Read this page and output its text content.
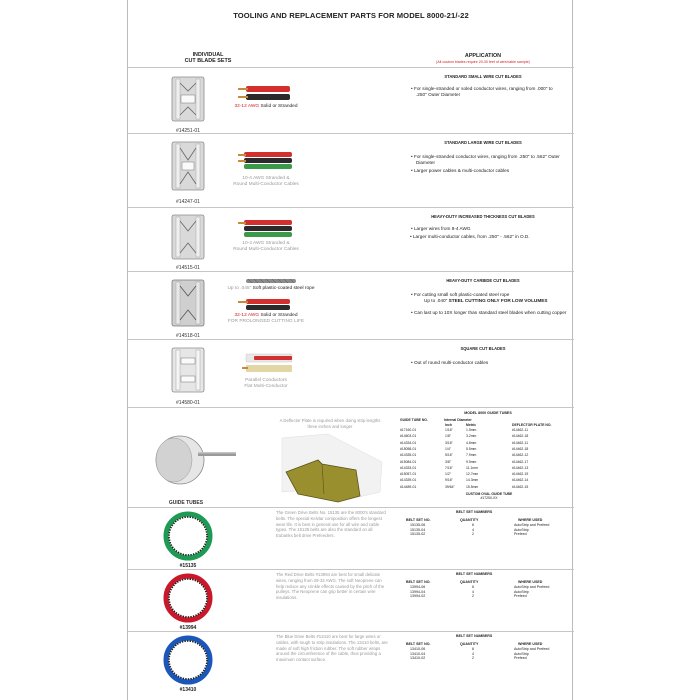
TOOLING AND REPLACEMENT PARTS FOR MODEL 8000-21/-22
INDIVIDUAL
CUT BLADE SETS
APPLICATION
(All custom blades require 20-30 feet of wire/cable sample)
#14251-01
32-12 AWG Solid or Stranded
STANDARD SMALL WIRE CUT BLADES
• For single-stranded or soled conductor wires, ranging from .000" to .250" Outer Diameter
#14247-01
10-4 AWG Stranded &
Round Multi-Conductor Cables
STANDARD LARGE WIRE CUT BLADES
• For single-stranded conductor wires, ranging from .250" to .562" Outer Diameter
• Larger power cables & multi-conductor cables
#14515-01
10-4 AWG Stranded &
Round Multi-Conductor Cables
HEAVY-DUTY INCREASED THICKNESS CUT BLADES
• Larger wires from 8-4 AWG
• Larger multi-conductor cables, from .250" - .562" in O.D.
#14518-01
Up to .045" Soft plastic-coated steel rope
32-12 AWG Solid or Stranded
FOR PROLONGED CUTTING LIFE
HEAVY-DUTY CARBIDE CUT BLADES
• For cutting small soft plastic-coated steel rope
Up to .040" STEEL CUTTING ONLY FOR LOW VOLUMES
• Can last up to 10X longer than standard steel blades when cutting copper
#14580-01
Parallel Conductors
Flat Multi-Conductor
SQUARE CUT BLADES
• Out of round multi-conductor cables
GUIDE TUBES
A Deflector Plate is required when doing strip lengths three inches and longer
MODEL 8000 GUIDE TUBES
GUIDE TUBE NO.	Internal Diameter
Inch	Metric	DEFLECTOR PLATE NO.
#17160-01	1/16"	1.5mm	#14462-11
#14603-01	1/8"	3.2mm	#14462-18
#14334-01	3/16"	4.8mm	#14462-11
#15058-01	1/4"	5.5mm	#14462-18
#14335-01	5/16"	7.9mm	#14462-12
#15084-01	3/8"	9.5mm	#14462-17
#14333-01	7/16"	11.1mm	#14462-13
#15057-01	1/2"	12.7mm	#14462-19
#14339-01	9/16"	14.3mm	#14462-14
#14489-01	39/64"	15.5mm	#14462-15
CUSTOM OVAL GUIDE TUBE
#17250-XX
#15135
The Green Drive Belts No. 15135 are the 8000's standard belts. The special Kelvlar composition offers the longest wear life. It is best in general use for all wire and cable types. The 15135 belts are also the standard on all Eubanks belt drive Prefeeders.
BELT SET NUMBERS
BELT SET NO.	QUANTITY	WHERE USED
15135-06	6	AutoStrip and Prefeed
15135-04	4	AutoStrip
15135-02	2	Prefeed
#13994
The Red Drive Belts #13994 are best for small delicate wires, ranging from 28-32 AWG. The soft Neoprene can help reduce any crinkle effects caused by the pitch of the pulleys. The Neoprene can grip better in certain wire insulations.
BELT SET NUMBERS
BELT SET NO.	QUANTITY	WHERE USED
13994-06	6	AutoStrip and Prefeed
13994-04	4	AutoStrip
13994-02	2	Prefeed
#13410
The Blue Drive Belts #13410 are best for large wires or cables, with tough to strip insulations. The 13410 belts, are made of soft high friction rubber. The soft rubber wraps around the circumference of the cable, thus providing a maximum contact surface.
BELT SET NUMBERS
BELT SET NO.	QUANTITY	WHERE USED
13410-06	6	AutoStrip and Prefeed
13410-04	4	AutoStrip
13410-02	2	Prefeed
